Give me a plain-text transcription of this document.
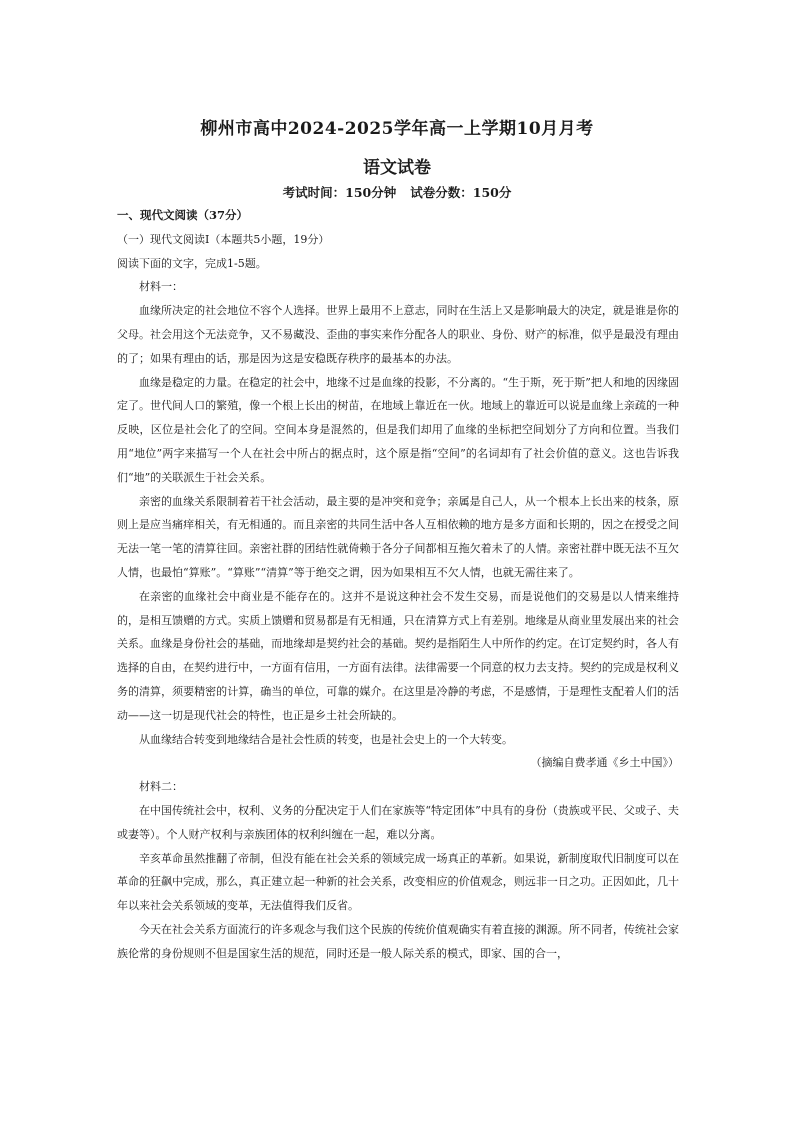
柳州市高中2024-2025学年高一上学期10月月考
语文试卷
考试时间：150分钟 试卷分数：150分

一、现代文阅读（37分）

（一）现代文阅读Ⅰ（本题共5小题，19分）

阅读下面的文字，完成1-5题。

材料一：

血缘所决定的社会地位不容个人选择。世界上最用不上意志，同时在生活上又是影响最大的决定，就是谁是你的父母。社会用这个无法竞争，又不易藏没、歪曲的事实来作分配各人的职业、身份、财产的标准，似乎是最没有理由的了；如果有理由的话，那是因为这是安稳既存秩序的最基本的办法。

血缘是稳定的力量。在稳定的社会中，地缘不过是血缘的投影，不分离的。“生于斯，死于斯”把人和地的因缘固定了。世代间人口的繁殖，像一个根上长出的树苗，在地域上靠近在一伙。地域上的靠近可以说是血缘上亲疏的一种反映，区位是社会化了的空间。空间本身是混然的，但是我们却用了血缘的坐标把空间划分了方向和位置。当我们用“地位”两字来描写一个人在社会中所占的据点时，这个原是指“空间”的名词却有了社会价值的意义。这也告诉我们“地”的关联派生于社会关系。

亲密的血缘关系限制着若干社会活动，最主要的是冲突和竞争；亲属是自己人，从一个根本上长出来的枝条，原则上是应当痛痒相关，有无相通的。而且亲密的共同生活中各人互相依赖的地方是多方面和长期的，因之在授受之间无法一笔一笔的清算往回。亲密社群的团结性就倚赖于各分子间都相互拖欠着未了的人情。亲密社群中既无法不互欠人情，也最怕“算账”。“算账”“清算”等于绝交之谓，因为如果相互不欠人情，也就无需往来了。

在亲密的血缘社会中商业是不能存在的。这并不是说这种社会不发生交易，而是说他们的交易是以人情来维持的，是相互馈赠的方式。实质上馈赠和贸易都是有无相通，只在清算方式上有差别。地缘是从商业里发展出来的社会关系。血缘是身份社会的基础，而地缘却是契约社会的基础。契约是指陌生人中所作的约定。在订定契约时，各人有选择的自由，在契约进行中，一方面有信用，一方面有法律。法律需要一个同意的权力去支持。契约的完成是权利义务的清算，须要精密的计算，确当的单位，可靠的媒介。在这里是冷静的考虑，不是感情，于是理性支配着人们的活动——这一切是现代社会的特性，也正是乡土社会所缺的。

从血缘结合转变到地缘结合是社会性质的转变，也是社会史上的一个大转变。

（摘编自费孝通《乡土中国》）

材料二：

在中国传统社会中，权利、义务的分配决定于人们在家族等“特定团体”中具有的身份（贵族或平民、父或子、夫或妻等）。个人财产权利与亲族团体的权利纠缠在一起，难以分离。

辛亥革命虽然推翻了帝制，但没有能在社会关系的领域完成一场真正的革新。如果说，新制度取代旧制度可以在革命的狂飙中完成，那么，真正建立起一种新的社会关系，改变相应的价值观念，则远非一日之功。正因如此，几十年以来社会关系领域的变革，无法值得我们反省。

今天在社会关系方面流行的许多观念与我们这个民族的传统价值观确实有着直接的渊源。所不同者，传统社会家族伦常的身份规则不但是国家生活的规范，同时还是一般人际关系的模式，即家、国的合一，
